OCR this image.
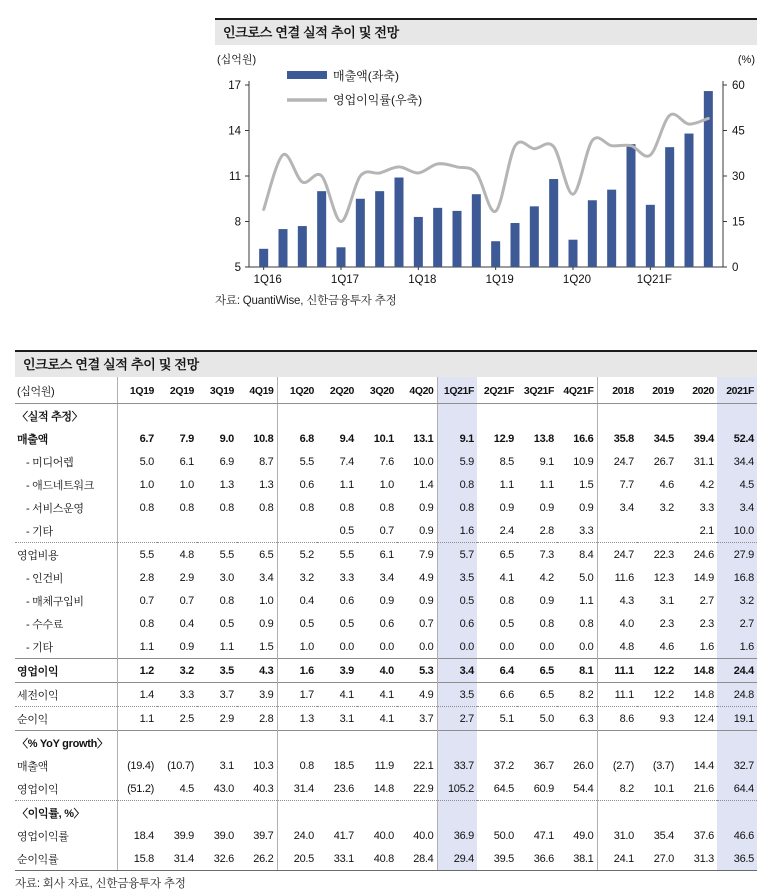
인크로스 연결 실적 추이 및 전망
(십억원)	(%)
5
8
11
14
17
0
15
30
45
60
1Q16	1Q17	1Q18	1Q19	1Q20	1Q21F
매출액(좌축)
영업이익률(우축)
자료: QuantiWise, 신한금융투자 추정
인크로스 연결 실적 추이 및 전망
(십억원)	1Q19	2Q19	3Q19	4Q19	1Q20	2Q20	3Q20	4Q20	1Q21F	2Q21F	3Q21F	4Q21F	2018	2019	2020	2021F
〈실적 추정〉																
매출액	6.7	7.9	9.0	10.8	6.8	9.4	10.1	13.1	9.1	12.9	13.8	16.6	35.8	34.5	39.4	52.4
- 미디어렙	5.0	6.1	6.9	8.7	5.5	7.4	7.6	10.0	5.9	8.5	9.1	10.9	24.7	26.7	31.1	34.4
- 애드네트워크	1.0	1.0	1.3	1.3	0.6	1.1	1.0	1.4	0.8	1.1	1.1	1.5	7.7	4.6	4.2	4.5
- 서비스운영	0.8	0.8	0.8	0.8	0.8	0.8	0.8	0.9	0.8	0.9	0.9	0.9	3.4	3.2	3.3	3.4
- 기타						0.5	0.7	0.9	1.6	2.4	2.8	3.3			2.1	10.0
영업비용	5.5	4.8	5.5	6.5	5.2	5.5	6.1	7.9	5.7	6.5	7.3	8.4	24.7	22.3	24.6	27.9
- 인건비	2.8	2.9	3.0	3.4	3.2	3.3	3.4	4.9	3.5	4.1	4.2	5.0	11.6	12.3	14.9	16.8
- 매체구입비	0.7	0.7	0.8	1.0	0.4	0.6	0.9	0.9	0.5	0.8	0.9	1.1	4.3	3.1	2.7	3.2
- 수수료	0.8	0.4	0.5	0.9	0.5	0.5	0.6	0.7	0.6	0.5	0.8	0.8	4.0	2.3	2.3	2.7
- 기타	1.1	0.9	1.1	1.5	1.0	0.0	0.0	0.0	0.0	0.0	0.0	0.0	4.8	4.6	1.6	1.6
영업이익	1.2	3.2	3.5	4.3	1.6	3.9	4.0	5.3	3.4	6.4	6.5	8.1	11.1	12.2	14.8	24.4
세전이익	1.4	3.3	3.7	3.9	1.7	4.1	4.1	4.9	3.5	6.6	6.5	8.2	11.1	12.2	14.8	24.8
순이익	1.1	2.5	2.9	2.8	1.3	3.1	4.1	3.7	2.7	5.1	5.0	6.3	8.6	9.3	12.4	19.1
〈% YoY growth〉																
매출액	(19.4)	(10.7)	3.1	10.3	0.8	18.5	11.9	22.1	33.7	37.2	36.7	26.0	(2.7)	(3.7)	14.4	32.7
영업이익	(51.2)	4.5	43.0	40.3	31.4	23.6	14.8	22.9	105.2	64.5	60.9	54.4	8.2	10.1	21.6	64.4
〈이익률, %〉																
영업이익률	18.4	39.9	39.0	39.7	24.0	41.7	40.0	40.0	36.9	50.0	47.1	49.0	31.0	35.4	37.6	46.6
순이익률	15.8	31.4	32.6	26.2	20.5	33.1	40.8	28.4	29.4	39.5	36.6	38.1	24.1	27.0	31.3	36.5
자료: 회사 자료, 신한금융투자 추정
